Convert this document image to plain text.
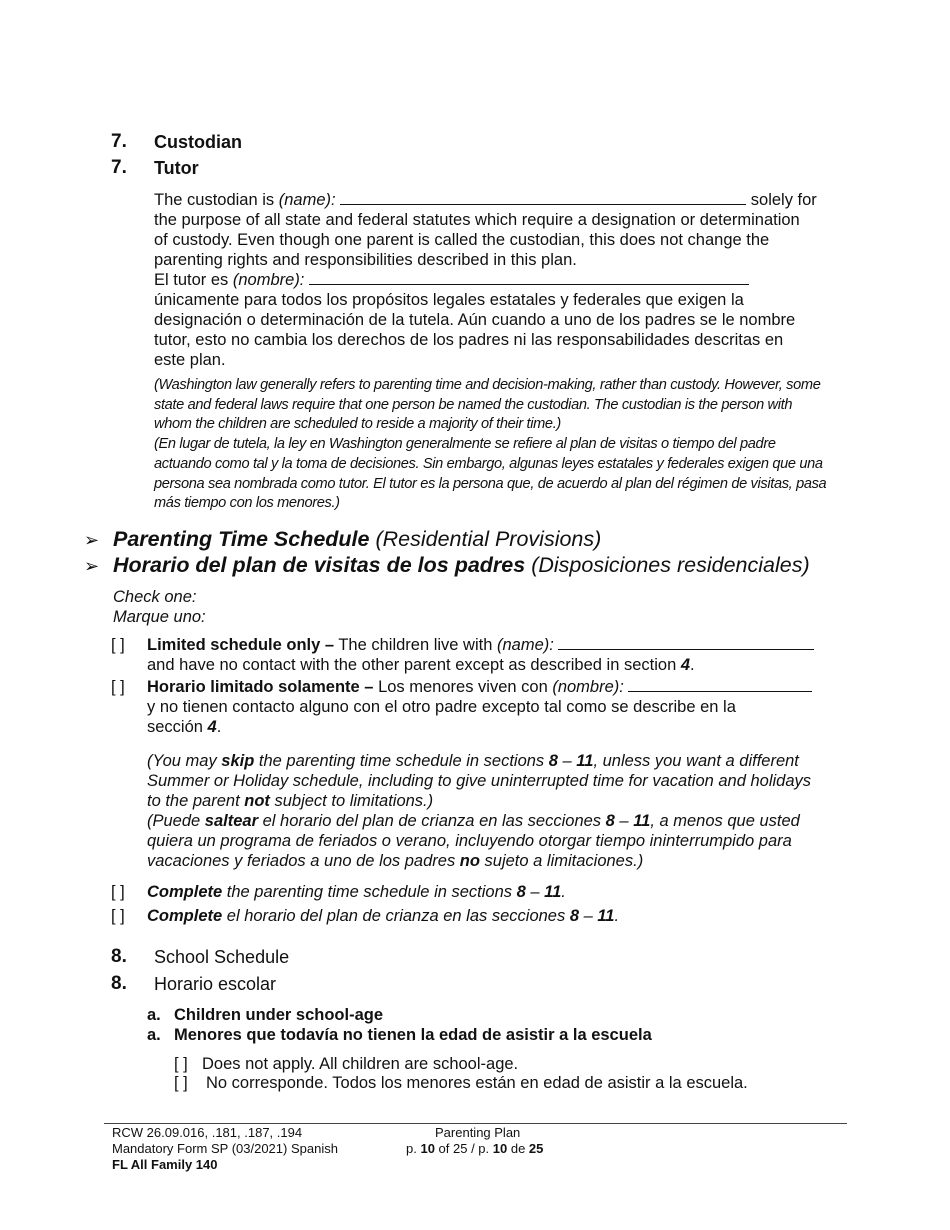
7.	Custodian
7.	Tutor
The custodian is (name):	solely for
the purpose of all state and federal statutes which require a designation or determination
of custody. Even though one parent is called the custodian, this does not change the
parenting rights and responsibilities described in this plan.
El tutor es (nombre):
únicamente para todos los propósitos legales estatales y federales que exigen la
designación o determinación de la tutela. Aún cuando a uno de los padres se le nombre
tutor, esto no cambia los derechos de los padres ni las responsabilidades descritas en
este plan.
(Washington law generally refers to parenting time and decision-making, rather than custody. However, some
state and federal laws require that one person be named the custodian. The custodian is the person with
whom the children are scheduled to reside a majority of their time.)
(En lugar de tutela, la ley en Washington generalmente se refiere al plan de visitas o tiempo del padre
actuando como tal y la toma de decisiones. Sin embargo, algunas leyes estatales y federales exigen que una
persona sea nombrada como tutor. El tutor es la persona que, de acuerdo al plan del régimen de visitas, pasa
más tiempo con los menores.)
➢ Parenting Time Schedule (Residential Provisions)
➢ Horario del plan de visitas de los padres (Disposiciones residenciales)
Check one:
Marque uno:
[ ] Limited schedule only – The children live with (name):
and have no contact with the other parent except as described in section 4.
[ ] Horario limitado solamente – Los menores viven con (nombre):
y no tienen contacto alguno con el otro padre excepto tal como se describe en la
sección 4.
(You may skip the parenting time schedule in sections 8 – 11, unless you want a different
Summer or Holiday schedule, including to give uninterrupted time for vacation and holidays
to the parent not subject to limitations.)
(Puede saltear el horario del plan de crianza en las secciones 8 – 11, a menos que usted
quiera un programa de feriados o verano, incluyendo otorgar tiempo ininterrumpido para
vacaciones y feriados a uno de los padres no sujeto a limitaciones.)
[ ] Complete the parenting time schedule in sections 8 – 11.
[ ] Complete el horario del plan de crianza en las secciones 8 – 11.
8.	School Schedule
8.	Horario escolar
a. Children under school-age
a. Menores que todavía no tienen la edad de asistir a la escuela
[ ] Does not apply. All children are school-age.
[ ] No corresponde. Todos los menores están en edad de asistir a la escuela.
RCW 26.09.016, .181, .187, .194
Mandatory Form SP (03/2021) Spanish
FL All Family 140
Parenting Plan
p. 10 of 25 / p. 10 de 25
